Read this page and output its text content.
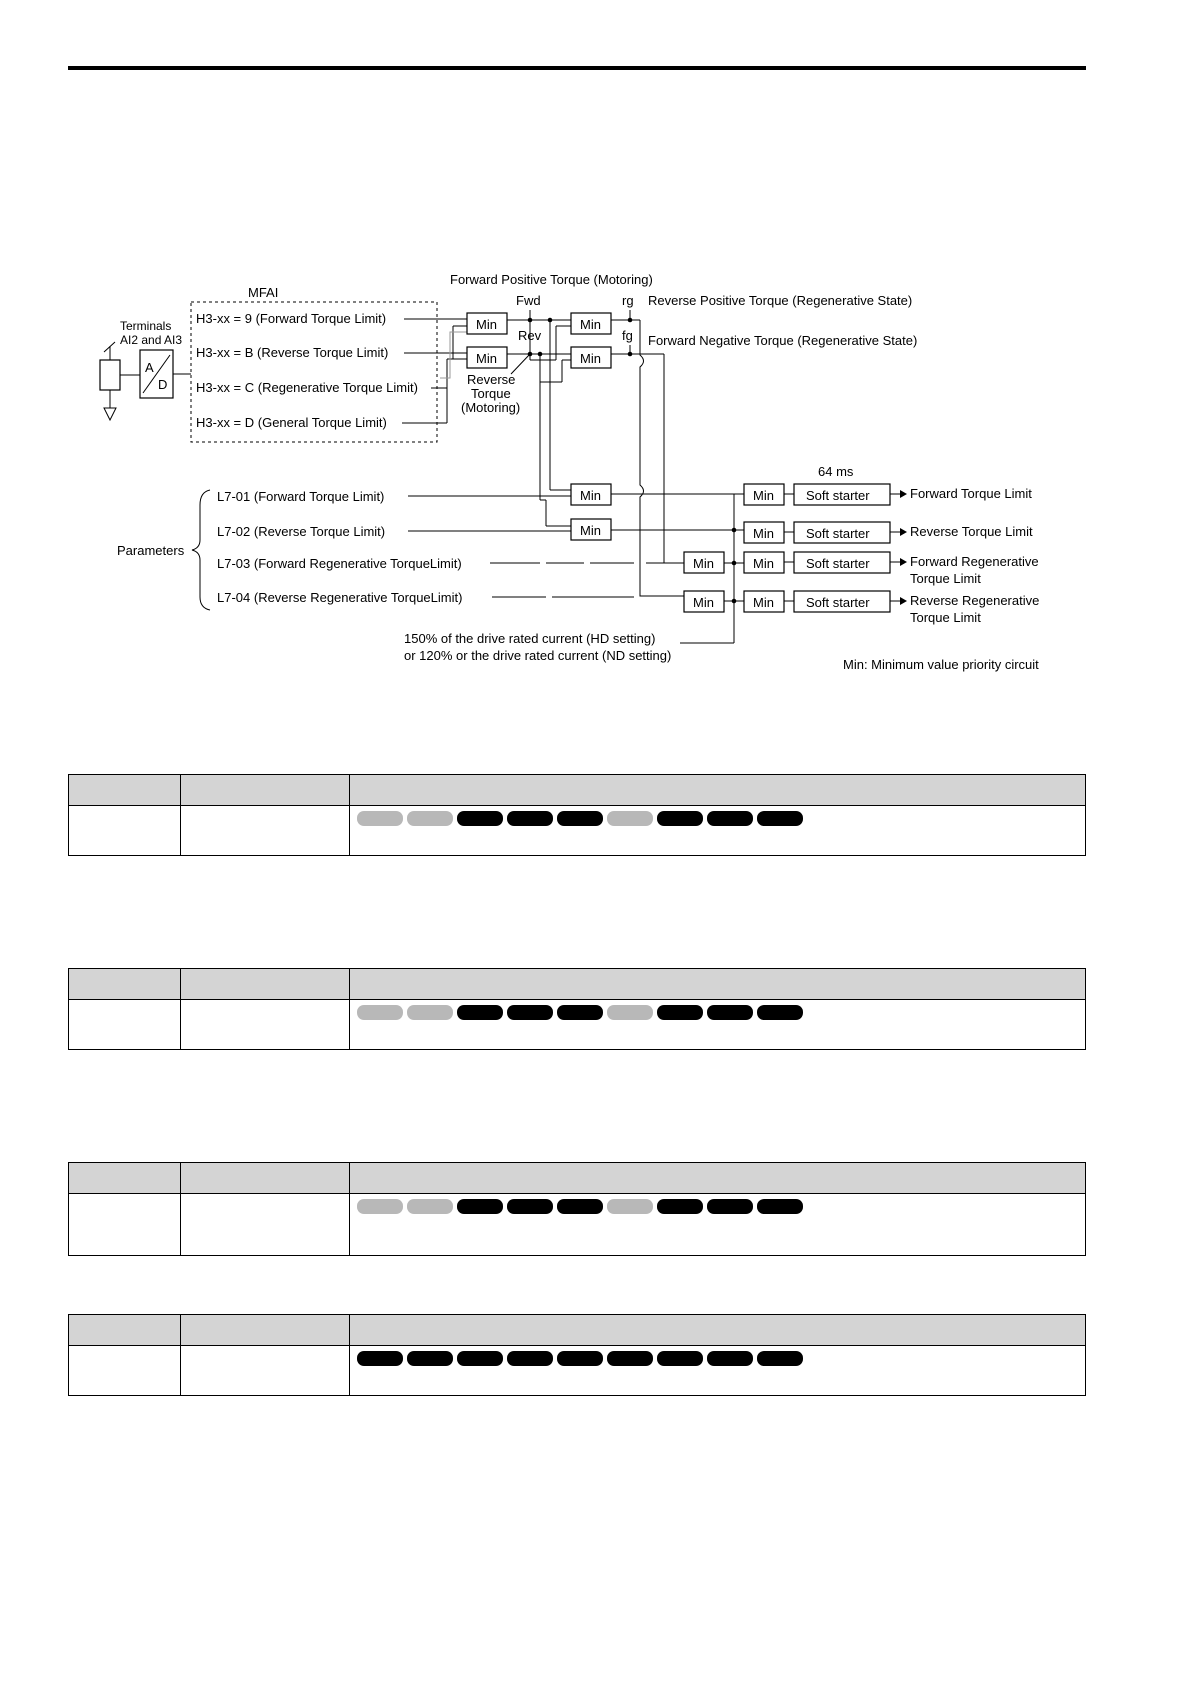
MFAI
Terminals
AI2 and AI3
A
D
H3-xx = 9 (Forward Torque Limit)
H3-xx = B (Reverse Torque Limit)
H3-xx = C (Regenerative Torque Limit)
H3-xx = D (General Torque Limit)
Min
Min
Forward Positive Torque (Motoring)
Fwd
Rev
Reverse
Torque
(Motoring)
Min
Min
rg
fg
Reverse Positive Torque (Regenerative State)
Forward Negative Torque (Regenerative State)
Parameters
L7-01 (Forward Torque Limit)
L7-02 (Reverse Torque Limit)
L7-03 (Forward Regenerative TorqueLimit)
L7-04 (Reverse Regenerative TorqueLimit)
Min
Min
Min
Min
150% of the drive rated current (HD setting)
or 120% or the drive rated current (ND setting)
Min
Min
Min
Min
64 ms
Soft starter
Soft starter
Soft starter
Soft starter
Forward Torque Limit
Reverse Torque Limit
Forward Regenerative
Torque Limit
Reverse Regenerative
Torque Limit
Min: Minimum value priority circuit
